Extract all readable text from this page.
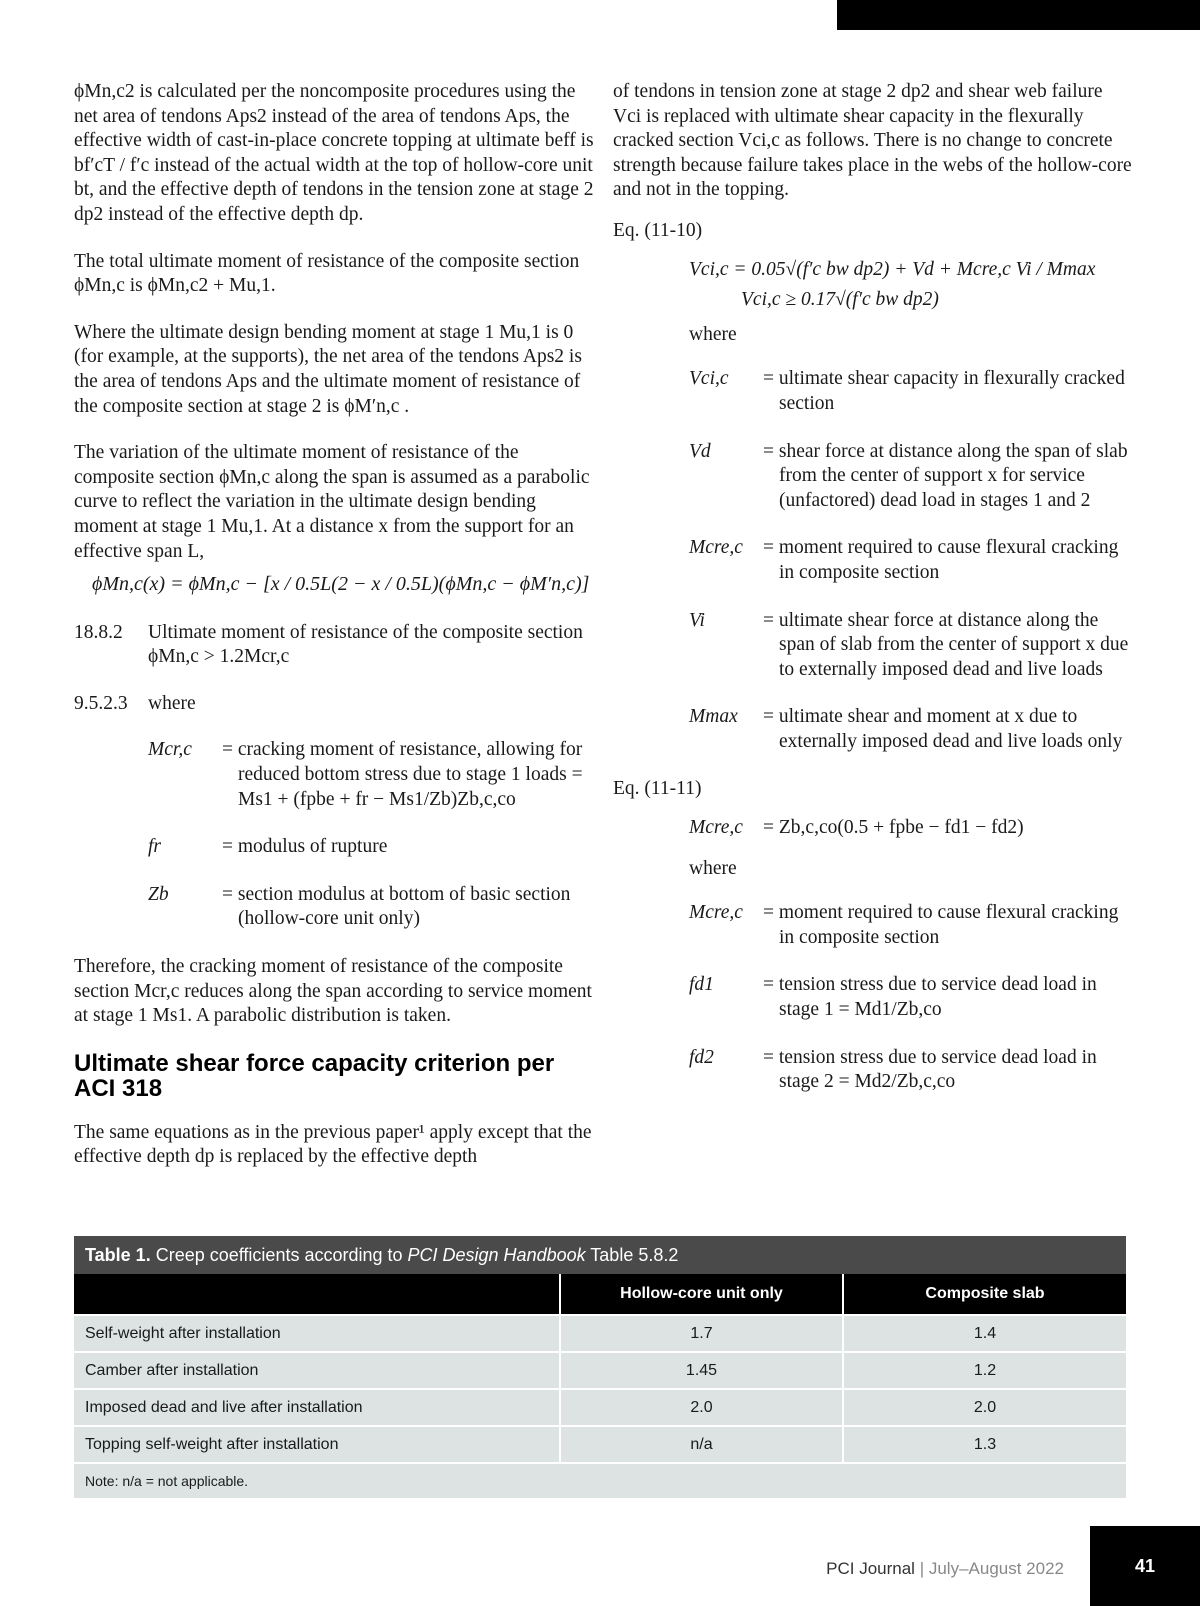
ϕMn,c2 is calculated per the noncomposite procedures using the net area of tendons Aps2 instead of the area of tendons Aps, the effective width of cast-in-place concrete topping at ultimate beff is bf′cT / f′c instead of the actual width at the top of hollow-core unit bt, and the effective depth of tendons in the tension zone at stage 2 dp2 instead of the effective depth dp.

The total ultimate moment of resistance of the composite section ϕMn,c is ϕMn,c2 + Mu,1.

Where the ultimate design bending moment at stage 1 Mu,1 is 0 (for example, at the supports), the net area of the tendons Aps2 is the area of tendons Aps and the ultimate moment of resistance of the composite section at stage 2 is ϕM′n,c .

The variation of the ultimate moment of resistance of the composite section ϕMn,c along the span is assumed as a parabolic curve to reflect the variation in the ultimate design bending moment at stage 1 Mu,1. At a distance x from the support for an effective span L,

ϕMn,c(x) = ϕMn,c − [x / 0.5L(2 − x / 0.5L)(ϕMn,c − ϕM′n,c)]

18.8.2	Ultimate moment of resistance of the composite section ϕMn,c > 1.2Mcr,c
9.5.2.3	where
Mcr,c	= cracking moment of resistance, allowing for reduced bottom stress due to stage 1 loads = Ms1 + (fpbe + fr − Ms1/Zb)Zb,c,co
fr	= modulus of rupture
Zb	= section modulus at bottom of basic section (hollow-core unit only)

Therefore, the cracking moment of resistance of the composite section Mcr,c reduces along the span according to service moment at stage 1 Ms1. A parabolic distribution is taken.

Ultimate shear force capacity criterion per ACI 318

The same equations as in the previous paper¹ apply except that the effective depth dp is replaced by the effective depth

of tendons in tension zone at stage 2 dp2 and shear web failure Vci is replaced with ultimate shear capacity in the flexurally cracked section Vci,c as follows. There is no change to concrete strength because failure takes place in the webs of the hollow-core and not in the topping.

Eq. (11-10)

Vci,c = 0.05√(f′c bw dp2) + Vd + Mcre,c Vi / Mmax

Vci,c ≥ 0.17√(f′c bw dp2)

where

Vci,c	= ultimate shear capacity in flexurally cracked section
Vd	= shear force at distance along the span of slab from the center of support x for service (unfactored) dead load in stages 1 and 2
Mcre,c	= moment required to cause flexural cracking in composite section
Vi	= ultimate shear force at distance along the span of slab from the center of support x due to externally imposed dead and live loads
Mmax	= ultimate shear and moment at x due to externally imposed dead and live loads only

Eq. (11-11)

Mcre,c	= Zb,c,co(0.5 + fpbe − fd1 − fd2)

where

Mcre,c	= moment required to cause flexural cracking in composite section
fd1	= tension stress due to service dead load in stage 1 = Md1/Zb,co
fd2	= tension stress due to service dead load in stage 2 = Md2/Zb,c,co
Table 1. Creep coefficients according to PCI Design Handbook Table 5.8.2
	Hollow-core unit only	Composite slab
Self-weight after installation	1.7	1.4
Camber after installation	1.45	1.2
Imposed dead and live after installation	2.0	2.0
Topping self-weight after installation	n/a	1.3
Note: n/a = not applicable.		
PCI Journal | July–August 2022	41
